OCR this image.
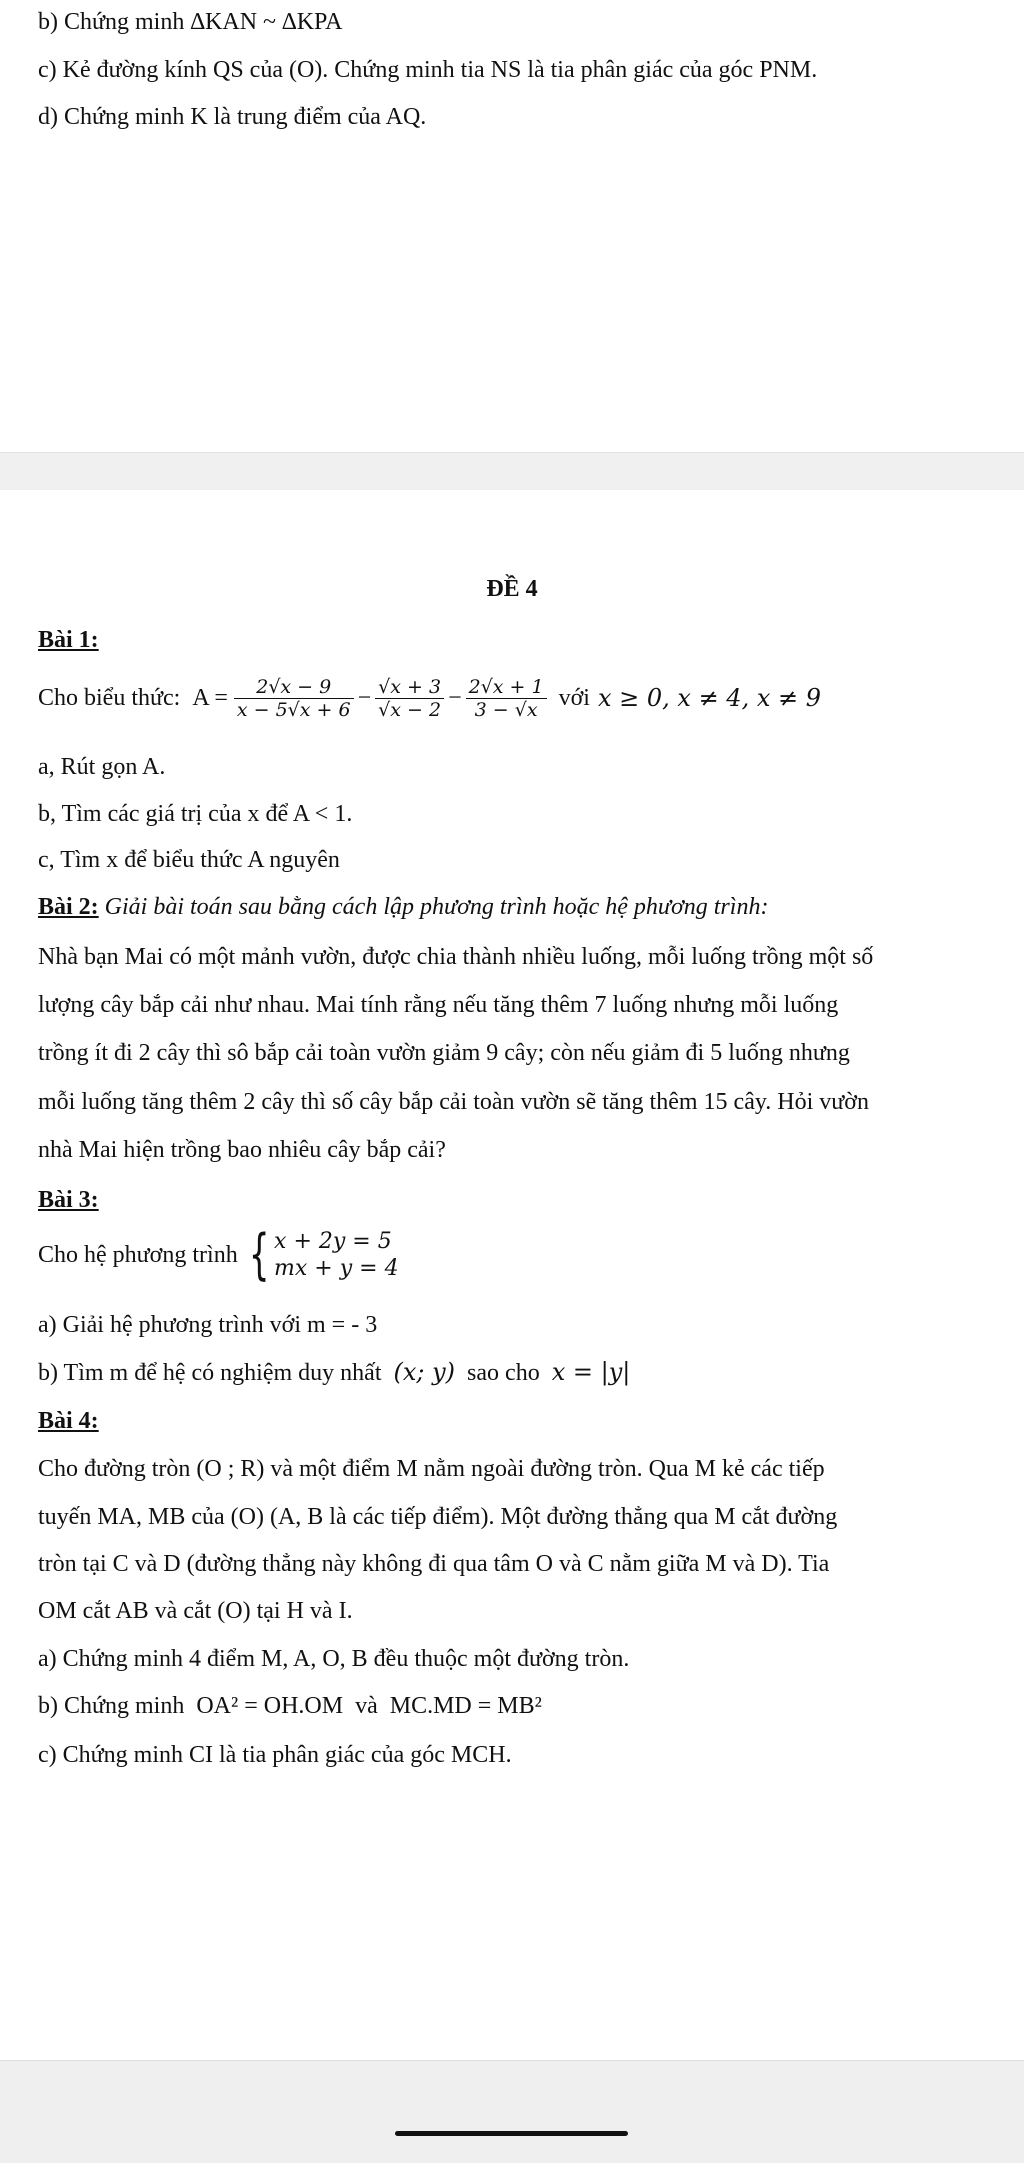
b) Chứng minh ∆KAN ~ ∆KPA
c) Kẻ đường kính QS của (O). Chứng minh tia NS là tia phân giác của góc PNM.
d) Chứng minh K là trung điểm của AQ.
ĐỀ 4
Bài 1:
Cho biểu thức: $A = \frac{2√x - 9}{x - 5√x + 6} - \frac{√x + 3}{√x - 2} - \frac{2√x + 1}{3 - √x}$ với x ≥ 0, x ≠ 4, x ≠ 9
a, Rút gọn A.
b, Tìm các giá trị của x để A < 1.
c, Tìm x để biểu thức A nguyên
Bài 2: Giải bài toán sau bằng cách lập phương trình hoặc hệ phương trình:
Nhà bạn Mai có một mảnh vườn, được chia thành nhiều luống, mỗi luống trồng một số
lượng cây bắp cải như nhau. Mai tính rằng nếu tăng thêm 7 luống nhưng mỗi luống
trồng ít đi 2 cây thì sô bắp cải toàn vườn giảm 9 cây; còn nếu giảm đi 5 luống nhưng
mỗi luống tăng thêm 2 cây thì số cây bắp cải toàn vườn sẽ tăng thêm 15 cây. Hỏi vườn
nhà Mai hiện trồng bao nhiêu cây bắp cải?
Bài 3:
Cho hệ phương trình { x + 2y = 5
mx + y = 4
a) Giải hệ phương trình với m = - 3
b) Tìm m để hệ có nghiệm duy nhất (x; y) sao cho x = |y|
Bài 4:
Cho đường tròn (O ; R) và một điểm M nằm ngoài đường tròn. Qua M kẻ các tiếp
tuyến MA, MB của (O) (A, B là các tiếp điểm). Một đường thẳng qua M cắt đường
tròn tại C và D (đường thẳng này không đi qua tâm O và C nằm giữa M và D). Tia
OM cắt AB và cắt (O) tại H và I.
a) Chứng minh 4 điểm M, A, O, B đều thuộc một đường tròn.
b) Chứng minh OA² = OH.OM và MC.MD = MB²
c) Chứng minh CI là tia phân giác của góc MCH.
